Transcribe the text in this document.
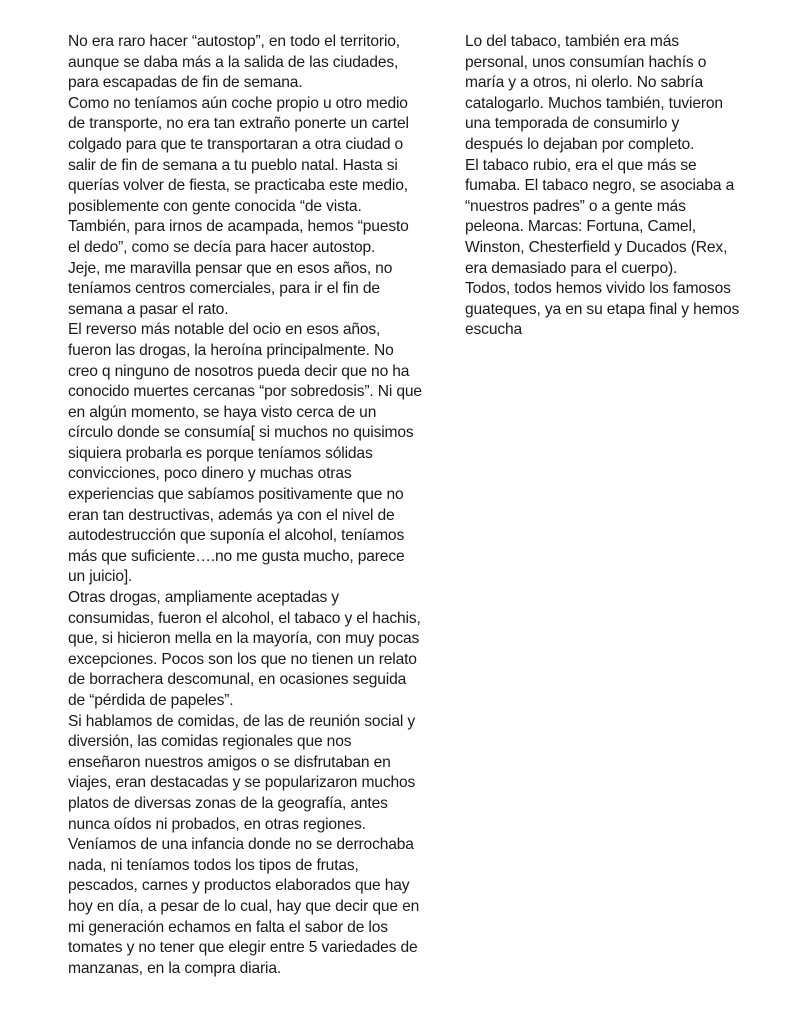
No era raro hacer “autostop”, en todo el territorio,
aunque se daba más a la salida de las ciudades,
para escapadas de fin de semana.
Como no teníamos aún coche propio u otro medio
de transporte, no era tan extraño ponerte un cartel
colgado para que te transportaran a otra ciudad o
salir de fin de semana a tu pueblo natal. Hasta si
querías volver de fiesta, se practicaba este medio,
posiblemente con gente conocida “de vista.
También, para irnos de acampada, hemos “puesto
el dedo”, como se decía para hacer autostop.
Jeje, me maravilla pensar que en esos años, no
teníamos centros comerciales, para ir el fin de
semana a pasar el rato.
El reverso más notable del ocio en esos años,
fueron las drogas, la heroína principalmente. No
creo q ninguno de nosotros pueda decir que no ha
conocido muertes cercanas “por sobredosis”. Ni que
en algún momento, se haya visto cerca de un
círculo donde se consumía[ si muchos no quisimos
siquiera probarla es porque teníamos sólidas
convicciones, poco dinero y muchas otras
experiencias que sabíamos positivamente que no
eran tan destructivas, además ya con el nivel de
autodestrucción que suponía el alcohol, teníamos
más que suficiente….no me gusta mucho, parece
un juicio].
Otras drogas, ampliamente aceptadas y
consumidas, fueron el alcohol, el tabaco y el hachis,
que, si hicieron mella en la mayoría, con muy pocas
excepciones. Pocos son los que no tienen un relato
de borrachera descomunal, en ocasiones seguida
de “pérdida de papeles”.
Si hablamos de comidas, de las de reunión social y
diversión, las comidas regionales que nos
enseñaron nuestros amigos o se disfrutaban en
viajes, eran destacadas y se popularizaron muchos
platos de diversas zonas de la geografía, antes
nunca oídos ni probados, en otras regiones.
Veníamos de una infancia donde no se derrochaba
nada, ni teníamos todos los tipos de frutas,
pescados, carnes y productos elaborados que hay
hoy en día, a pesar de lo cual, hay que decir que en
mi generación echamos en falta el sabor de los
tomates y no tener que elegir entre 5 variedades de
manzanas, en la compra diaria.
Lo del tabaco, también era más
personal, unos consumían hachís o
maría y a otros, ni olerlo. No sabría
catalogarlo. Muchos también, tuvieron
una temporada de consumirlo y
después lo dejaban por completo.
El tabaco rubio, era el que más se
fumaba. El tabaco negro, se asociaba a
“nuestros padres” o a gente más
peleona. Marcas: Fortuna, Camel,
Winston, Chesterfield y Ducados (Rex,
era demasiado para el cuerpo).
Todos, todos hemos vivido los famosos
guateques, ya en su etapa final y hemos
escucha
